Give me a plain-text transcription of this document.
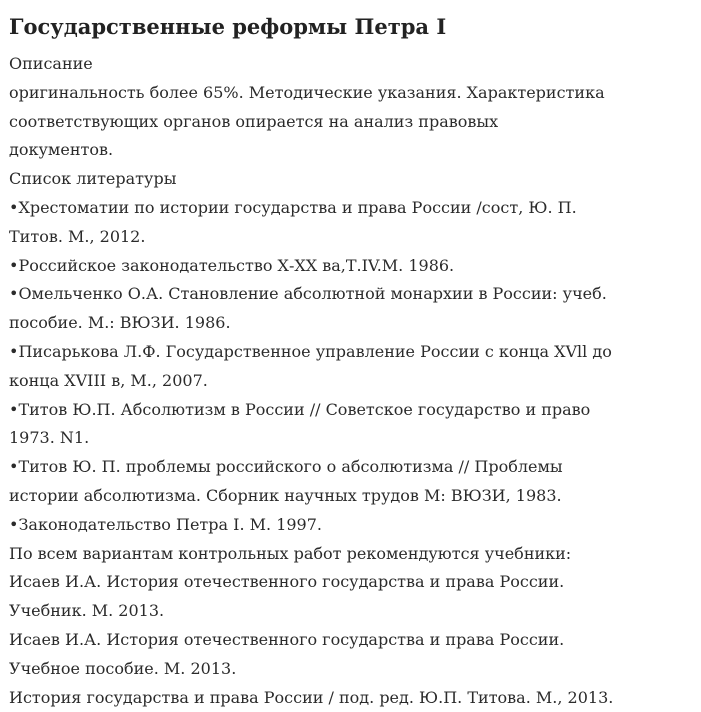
Государственные реформы Петра I
Описание
оригинальность более 65%. Методические указания. Характеристика
соответствующих органов опирается на анализ правовых
документов.
Список литературы
•Хрестоматии по истории государства и права России /сост, Ю. П.
Титов. М., 2012.
•Российское законодательство Х-ХХ ва,Т.IV.М. 1986.
•Омельченко О.А. Становление абсолютной монархии в России: учеб.
пособие. М.: ВЮЗИ. 1986.
•Писарькова Л.Ф. Государственное управление России с конца ХVll до
конца ХVIII в, М., 2007.
•Титов Ю.П. Абсолютизм в России // Советское государство и право
1973. N1.
•Титов Ю. П. проблемы российского о абсолютизма // Проблемы
истории абсолютизма. Сборник научных трудов М: ВЮЗИ, 1983.
•Законодательство Петра I. М. 1997.
По всем вариантам контрольных работ рекомендуются учебники:
Исаев И.А. История отечественного государства и права России.
Учебник. М. 2013.
Исаев И.А. История отечественного государства и права России.
Учебное пособие. М. 2013.
История государства и права России / под. ред. Ю.П. Титова. М., 2013.
